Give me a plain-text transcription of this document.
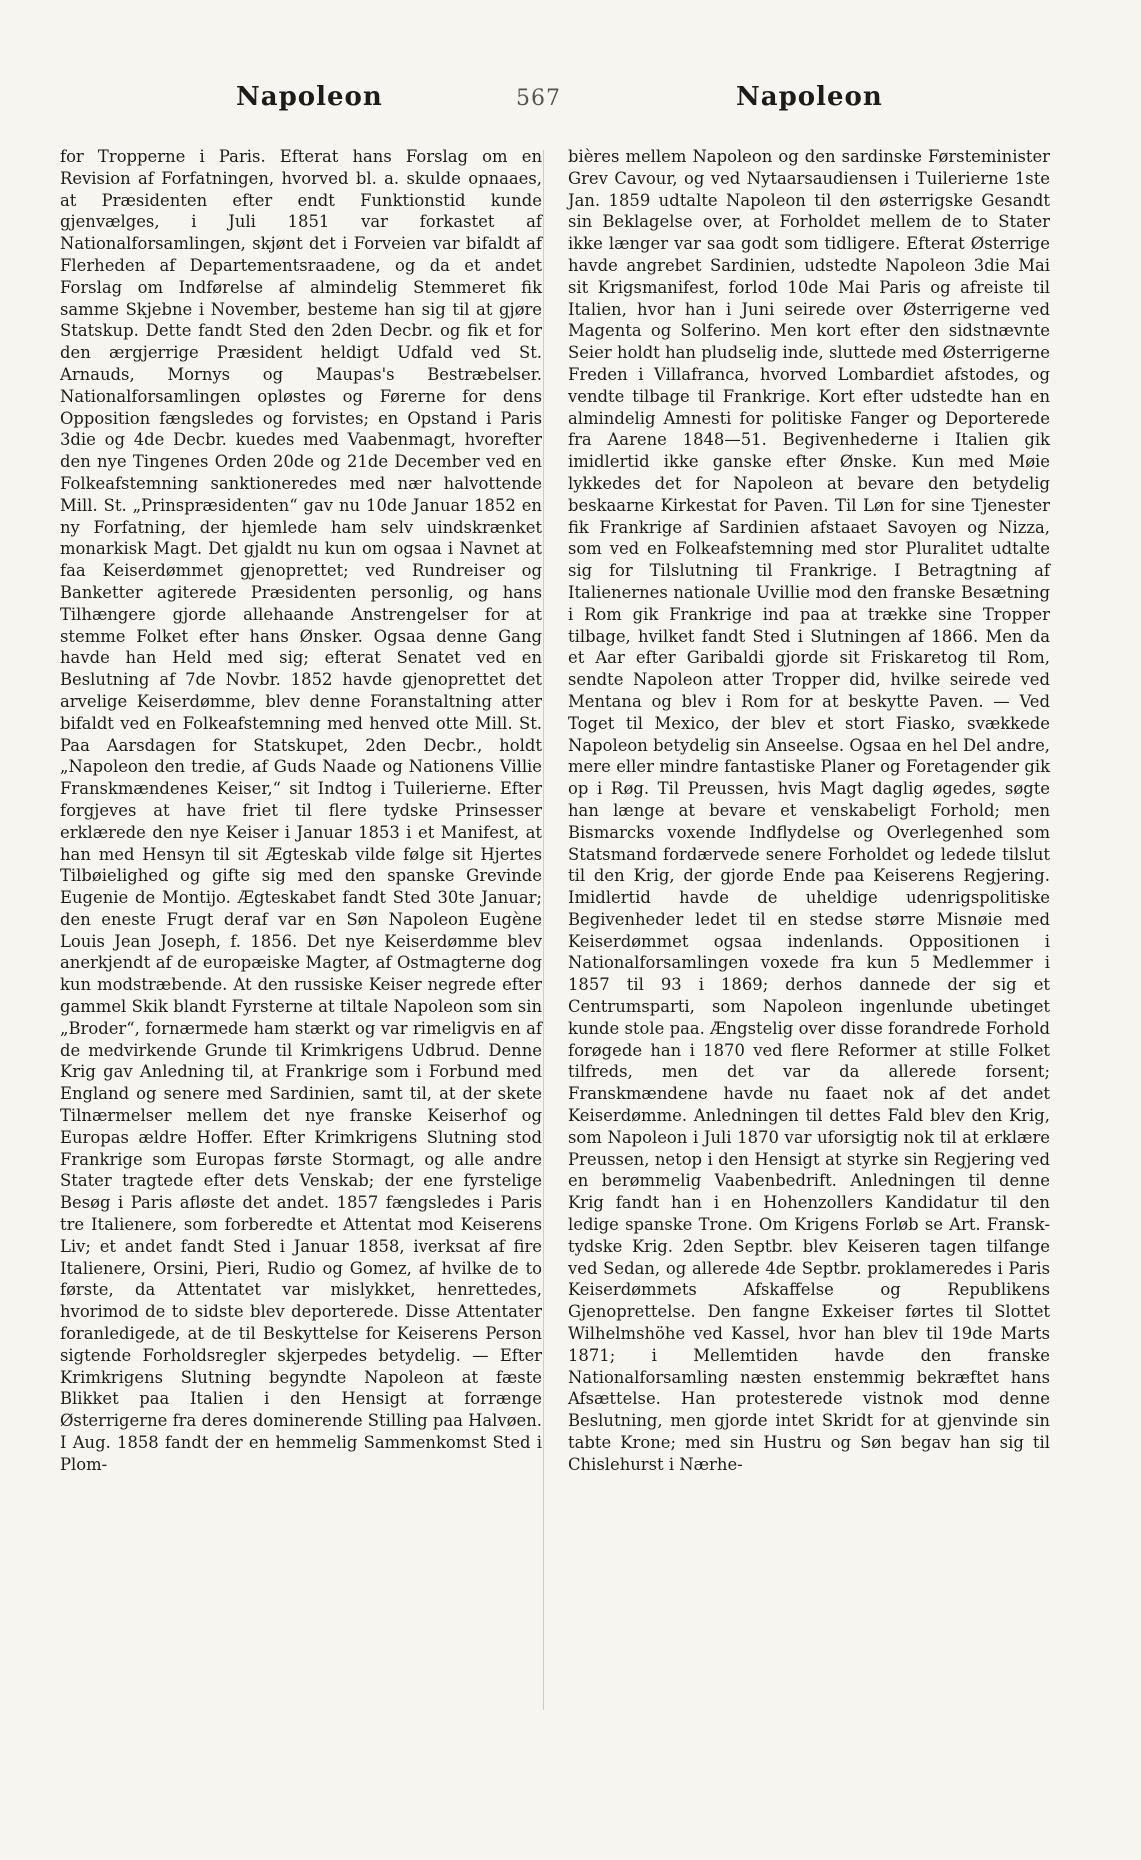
Napoleon	567	Napoleon

for Tropperne i Paris. Efterat hans Forslag om en Revision af Forfatningen, hvorved bl. a. skulde opnaaes, at Præsidenten efter endt Funktionstid kunde gjenvælges, i Juli 1851 var forkastet af Nationalforsamlingen, skjønt det i Forveien var bifaldt af Flerheden af Departementsraadene, og da et andet Forslag om Indførelse af almindelig Stemmeret fik samme Skjebne i November, besteme han sig til at gjøre Statskup. Dette fandt Sted den 2den Decbr. og fik et for den ærgjerrige Præsident heldigt Udfald ved St. Arnauds, Mornys og Maupas's Bestræbelser. Nationalforsamlingen opløstes og Førerne for dens Opposition fængsledes og forvistes; en Opstand i Paris 3die og 4de Decbr. kuedes med Vaabenmagt, hvorefter den nye Tingenes Orden 20de og 21de December ved en Folkeafstemning sanktioneredes med nær halvottende Mill. St. „Prinspræsidenten“ gav nu 10de Januar 1852 en ny Forfatning, der hjemlede ham selv uindskrænket monarkisk Magt. Det gjaldt nu kun om ogsaa i Navnet at faa Keiserdømmet gjenoprettet; ved Rundreiser og Banketter agiterede Præsidenten personlig, og hans Tilhængere gjorde allehaande Anstrengelser for at stemme Folket efter hans Ønsker. Ogsaa denne Gang havde han Held med sig; efterat Senatet ved en Beslutning af 7de Novbr. 1852 havde gjenoprettet det arvelige Keiserdømme, blev denne Foranstaltning atter bifaldt ved en Folkeafstemning med henved otte Mill. St. Paa Aarsdagen for Statskupet, 2den Decbr., holdt „Napoleon den tredie, af Guds Naade og Nationens Villie Franskmændenes Keiser,“ sit Indtog i Tuilerierne. Efter forgjeves at have friet til flere tydske Prinsesser erklærede den nye Keiser i Januar 1853 i et Manifest, at han med Hensyn til sit Ægteskab vilde følge sit Hjertes Tilbøielighed og gifte sig med den spanske Grevinde Eugenie de Montijo. Ægteskabet fandt Sted 30te Januar; den eneste Frugt deraf var en Søn Napoleon Eugène Louis Jean Joseph, f. 1856. Det nye Keiserdømme blev anerkjendt af de europæiske Magter, af Ostmagterne dog kun modstræbende. At den russiske Keiser negrede efter gammel Skik blandt Fyrsterne at tiltale Napoleon som sin „Broder“, fornærmede ham stærkt og var rimeligvis en af de medvirkende Grunde til Krimkrigens Udbrud. Denne Krig gav Anledning til, at Frankrige som i Forbund med England og senere med Sardinien, samt til, at der skete Tilnærmelser mellem det nye franske Keiserhof og Europas ældre Hoffer. Efter Krimkrigens Slutning stod Frankrige som Europas første Stormagt, og alle andre Stater tragtede efter dets Venskab; der ene fyrstelige Besøg i Paris afløste det andet. 1857 fængsledes i Paris tre Italienere, som forberedte et Attentat mod Keiserens Liv; et andet fandt Sted i Januar 1858, iverksat af fire Italienere, Orsini, Pieri, Rudio og Gomez, af hvilke de to første, da Attentatet var mislykket, henrettedes, hvorimod de to sidste blev deporterede. Disse Attentater foranledigede, at de til Beskyttelse for Keiserens Person sigtende Forholdsregler skjerpedes betydelig. — Efter Krimkrigens Slutning begyndte Napoleon at fæste Blikket paa Italien i den Hensigt at forrænge Østerrigerne fra deres dominerende Stilling paa Halvøen. I Aug. 1858 fandt der en hemmelig Sammenkomst Sted i Plom-

bières mellem Napoleon og den sardinske Førsteminister Grev Cavour, og ved Nytaarsaudiensen i Tuilerierne 1ste Jan. 1859 udtalte Napoleon til den østerrigske Gesandt sin Beklagelse over, at Forholdet mellem de to Stater ikke længer var saa godt som tidligere. Efterat Østerrige havde angrebet Sardinien, udstedte Napoleon 3die Mai sit Krigsmanifest, forlod 10de Mai Paris og afreiste til Italien, hvor han i Juni seirede over Østerrigerne ved Magenta og Solferino. Men kort efter den sidstnævnte Seier holdt han pludselig inde, sluttede med Østerrigerne Freden i Villafranca, hvorved Lombardiet afstodes, og vendte tilbage til Frankrige. Kort efter udstedte han en almindelig Amnesti for politiske Fanger og Deporterede fra Aarene 1848—51. Begivenhederne i Italien gik imidlertid ikke ganske efter Ønske. Kun med Møie lykkedes det for Napoleon at bevare den betydelig beskaarne Kirkestat for Paven. Til Løn for sine Tjenester fik Frankrige af Sardinien afstaaet Savoyen og Nizza, som ved en Folkeafstemning med stor Pluralitet udtalte sig for Tilslutning til Frankrige. I Betragtning af Italienernes nationale Uvillie mod den franske Besætning i Rom gik Frankrige ind paa at trække sine Tropper tilbage, hvilket fandt Sted i Slutningen af 1866. Men da et Aar efter Garibaldi gjorde sit Friskaretog til Rom, sendte Napoleon atter Tropper did, hvilke seirede ved Mentana og blev i Rom for at beskytte Paven. — Ved Toget til Mexico, der blev et stort Fiasko, svækkede Napoleon betydelig sin Anseelse. Ogsaa en hel Del andre, mere eller mindre fantastiske Planer og Foretagender gik op i Røg. Til Preussen, hvis Magt daglig øgedes, søgte han længe at bevare et venskabeligt Forhold; men Bismarcks voxende Indflydelse og Overlegenhed som Statsmand fordærvede senere Forholdet og ledede tilslut til den Krig, der gjorde Ende paa Keiserens Regjering. Imidlertid havde de uheldige udenrigspolitiske Begivenheder ledet til en stedse større Misnøie med Keiserdømmet ogsaa indenlands. Oppositionen i Nationalforsamlingen voxede fra kun 5 Medlemmer i 1857 til 93 i 1869; derhos dannede der sig et Centrumsparti, som Napoleon ingenlunde ubetinget kunde stole paa. Ængstelig over disse forandrede Forhold forøgede han i 1870 ved flere Reformer at stille Folket tilfreds, men det var da allerede forsent; Franskmændene havde nu faaet nok af det andet Keiserdømme. Anledningen til dettes Fald blev den Krig, som Napoleon i Juli 1870 var uforsigtig nok til at erklære Preussen, netop i den Hensigt at styrke sin Regjering ved en berømmelig Vaabenbedrift. Anledningen til denne Krig fandt han i en Hohenzollers Kandidatur til den ledige spanske Trone. Om Krigens Forløb se Art. Fransk-tydske Krig. 2den Septbr. blev Keiseren tagen tilfange ved Sedan, og allerede 4de Septbr. proklameredes i Paris Keiserdømmets Afskaffelse og Republikens Gjenoprettelse. Den fangne Exkeiser førtes til Slottet Wilhelmshöhe ved Kassel, hvor han blev til 19de Marts 1871; i Mellemtiden havde den franske Nationalforsamling næsten enstemmig bekræftet hans Afsættelse. Han protesterede vistnok mod denne Beslutning, men gjorde intet Skridt for at gjenvinde sin tabte Krone; med sin Hustru og Søn begav han sig til Chislehurst i Nærhe-
